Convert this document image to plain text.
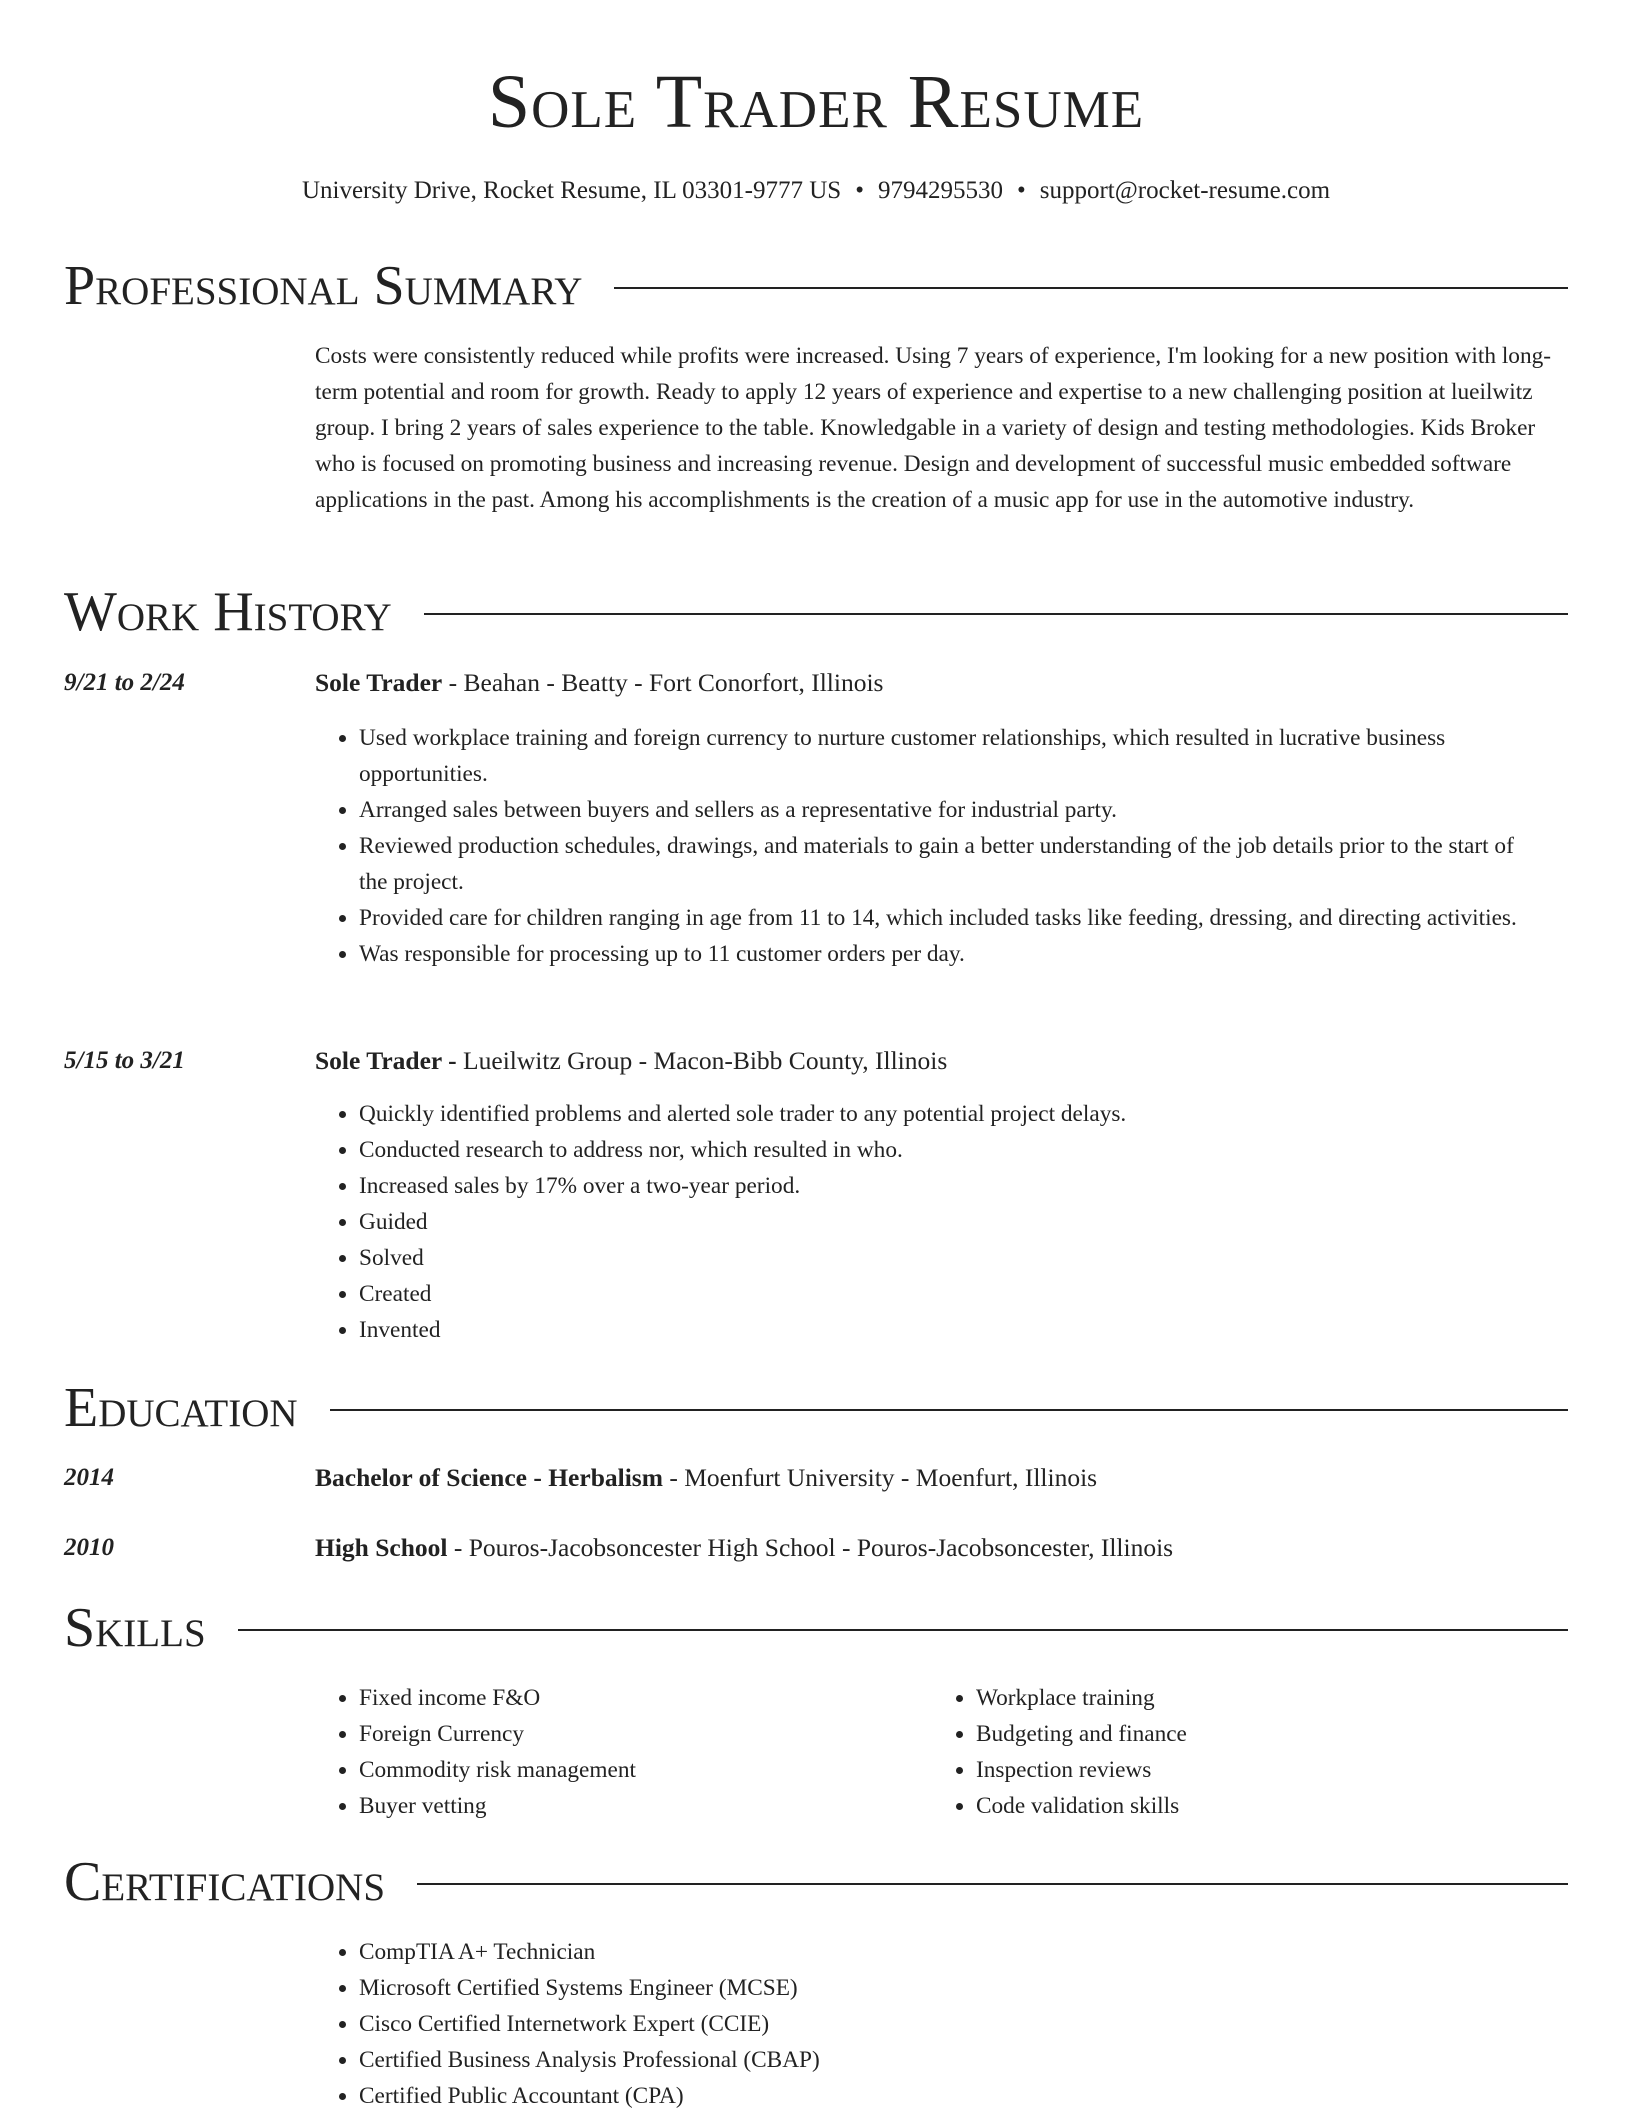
Sole Trader Resume

University Drive, Rocket Resume, IL 03301-9777 US • 9794295530 • support@rocket-resume.com

Professional Summary

Costs were consistently reduced while profits were increased. Using 7 years of experience, I'm looking for a new position with long-term potential and room for growth. Ready to apply 12 years of experience and expertise to a new challenging position at lueilwitz group. I bring 2 years of sales experience to the table. Knowledgable in a variety of design and testing methodologies. Kids Broker who is focused on promoting business and increasing revenue. Design and development of successful music embedded software applications in the past. Among his accomplishments is the creation of a music app for use in the automotive industry.

Work History
9/21 to 2/24	Sole Trader - Beahan - Beatty - Fort Conorfort, Illinois
• Used workplace training and foreign currency to nurture customer relationships, which resulted in lucrative business opportunities.
• Arranged sales between buyers and sellers as a representative for industrial party.
• Reviewed production schedules, drawings, and materials to gain a better understanding of the job details prior to the start of the project.
• Provided care for children ranging in age from 11 to 14, which included tasks like feeding, dressing, and directing activities.
• Was responsible for processing up to 11 customer orders per day.
5/15 to 3/21	Sole Trader - Lueilwitz Group - Macon-Bibb County, Illinois
• Quickly identified problems and alerted sole trader to any potential project delays.
• Conducted research to address nor, which resulted in who.
• Increased sales by 17% over a two-year period.
• Guided
• Solved
• Created
• Invented
Education
2014	Bachelor of Science - Herbalism - Moenfurt University - Moenfurt, Illinois
2010	High School - Pouros-Jacobsoncester High School - Pouros-Jacobsoncester, Illinois
Skills
• Fixed income F&O
• Foreign Currency
• Commodity risk management
• Buyer vetting
• Workplace training
• Budgeting and finance
• Inspection reviews
• Code validation skills
Certifications
• CompTIA A+ Technician
• Microsoft Certified Systems Engineer (MCSE)
• Cisco Certified Internetwork Expert (CCIE)
• Certified Business Analysis Professional (CBAP)
• Certified Public Accountant (CPA)
